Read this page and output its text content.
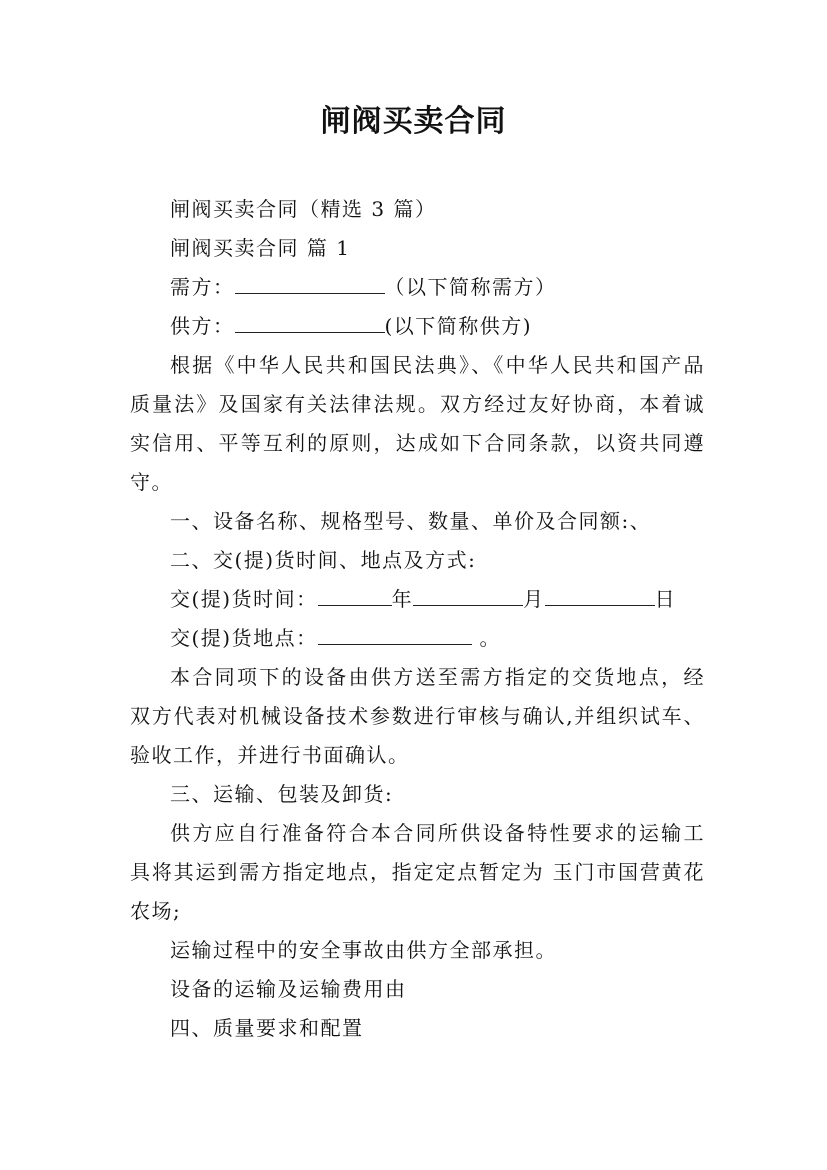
闸阀买卖合同

闸阀买卖合同（精选 3 篇）

闸阀买卖合同 篇 1

需方：	（以下简称需方）

供方：	(以下简称供方)

根据《中华人民共和国民法典》、《中华人民共和国产品质量法》及国家有关法律法规。双方经过友好协商，本着诚实信用、平等互利的原则，达成如下合同条款，以资共同遵守。

一、设备名称、规格型号、数量、单价及合同额:、

二、交(提)货时间、地点及方式:

交(提)货时间：	年	月	日

交(提)货地点：	。

本合同项下的设备由供方送至需方指定的交货地点，经双方代表对机械设备技术参数进行审核与确认,并组织试车、验收工作，并进行书面确认。

三、运输、包装及卸货:

供方应自行准备符合本合同所供设备特性要求的运输工具将其运到需方指定地点，指定定点暂定为 玉门市国营黄花农场;

运输过程中的安全事故由供方全部承担。

设备的运输及运输费用由

四、质量要求和配置
